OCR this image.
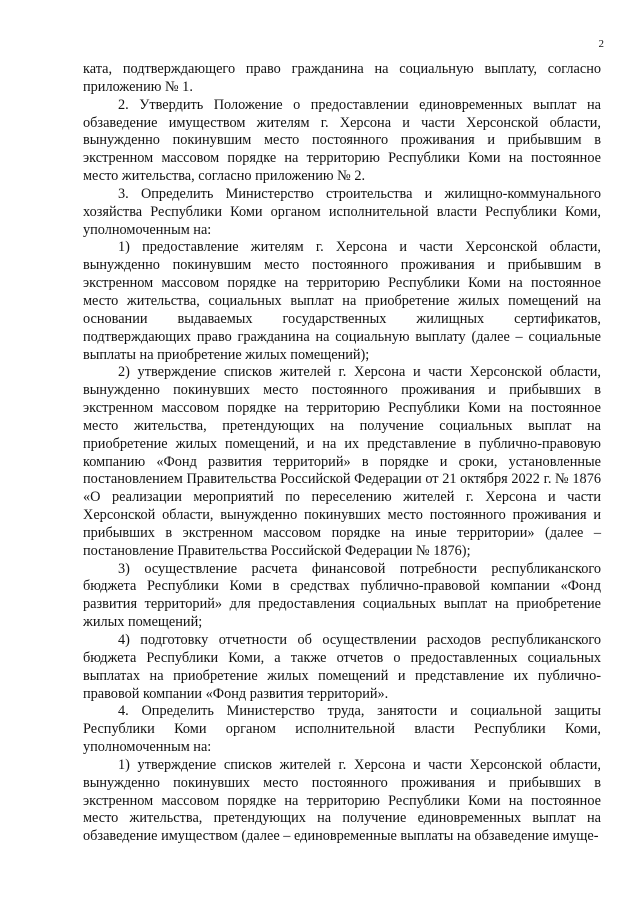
2

ката, подтверждающего право гражданина на социальную выплату, согласно приложению № 1.

2. Утвердить Положение о предоставлении единовременных выплат на обзаведение имуществом жителям г. Херсона и части Херсонской области, вынужденно покинувшим место постоянного проживания и прибывшим в экстренном массовом порядке на территорию Республики Коми на постоянное место жительства, согласно приложению № 2.

3. Определить Министерство строительства и жилищно-коммунального хозяйства Республики Коми органом исполнительной власти Республики Коми, уполномоченным на:

1) предоставление жителям г. Херсона и части Херсонской области, вынужденно покинувшим место постоянного проживания и прибывшим в экстренном массовом порядке на территорию Республики Коми на постоянное место жительства, социальных выплат на приобретение жилых помещений на основании выдаваемых государственных жилищных сертификатов, подтверждающих право гражданина на социальную выплату (далее – социальные выплаты на приобретение жилых помещений);

2) утверждение списков жителей г. Херсона и части Херсонской области, вынужденно покинувших место постоянного проживания и прибывших в экстренном массовом порядке на территорию Республики Коми на постоянное место жительства, претендующих на получение социальных выплат на приобретение жилых помещений, и на их представление в публично-правовую компанию «Фонд развития территорий» в порядке и сроки, установленные постановлением Правительства Российской Федерации от 21 октября 2022 г. № 1876 «О реализации мероприятий по переселению жителей г. Херсона и части Херсонской области, вынужденно покинувших место постоянного проживания и прибывших в экстренном массовом порядке на иные территории» (далее – постановление Правительства Российской Федерации № 1876);

3) осуществление расчета финансовой потребности республиканского бюджета Республики Коми в средствах публично-правовой компании «Фонд развития территорий» для предоставления социальных выплат на приобретение жилых помещений;

4) подготовку отчетности об осуществлении расходов республиканского бюджета Республики Коми, а также отчетов о предоставленных социальных выплатах на приобретение жилых помещений и представление их публично-правовой компании «Фонд развития территорий».

4. Определить Министерство труда, занятости и социальной защиты Республики Коми органом исполнительной власти Республики Коми, уполномоченным на:

1) утверждение списков жителей г. Херсона и части Херсонской области, вынужденно покинувших место постоянного проживания и прибывших в экстренном массовом порядке на территорию Республики Коми на постоянное место жительства, претендующих на получение единовременных выплат на обзаведение имуществом (далее – единовременные выплаты на обзаведение имуще-
